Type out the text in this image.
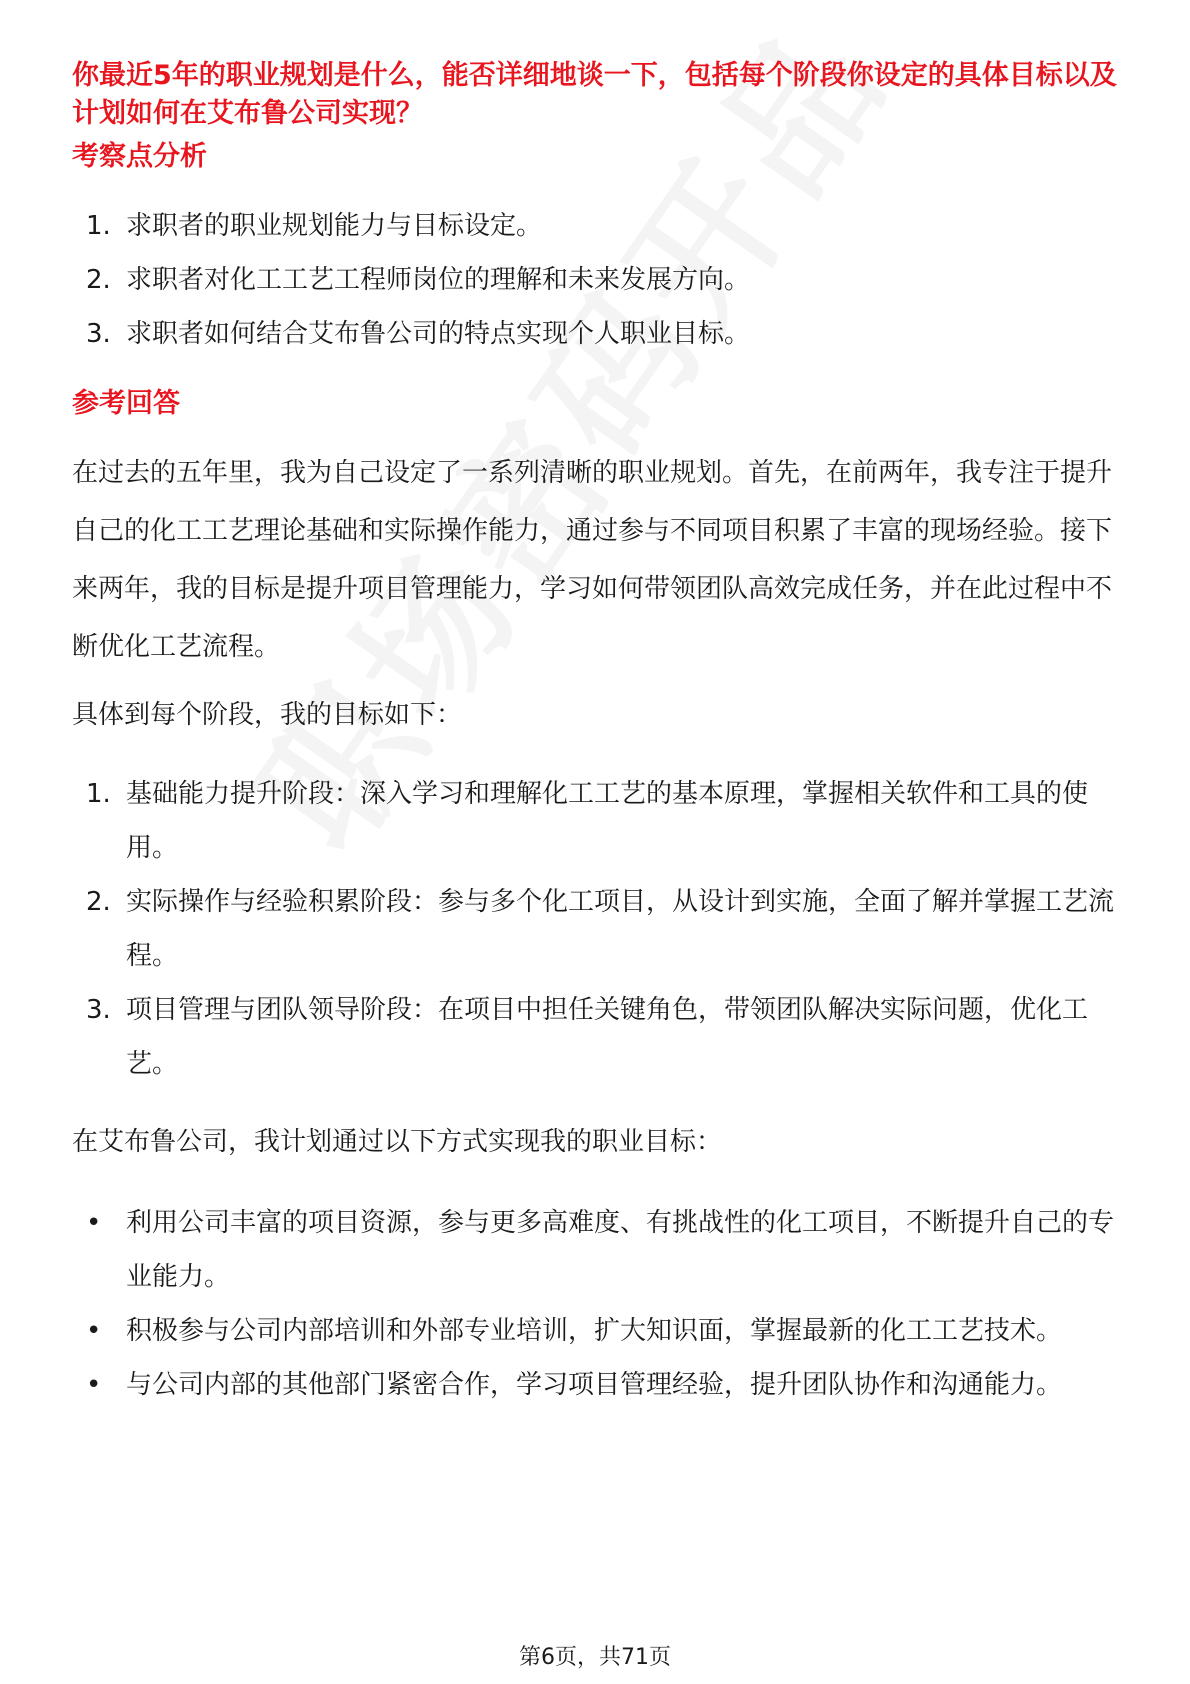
你最近5年的职业规划是什么，能否详细地谈一下，包括每个阶段你设定的具体目标以及计划如何在艾布鲁公司实现？
考察点分析
1. 求职者的职业规划能力与目标设定。
2. 求职者对化工工艺工程师岗位的理解和未来发展方向。
3. 求职者如何结合艾布鲁公司的特点实现个人职业目标。
参考回答
在过去的五年里，我为自己设定了一系列清晰的职业规划。首先，在前两年，我专注于提升自己的化工工艺理论基础和实际操作能力，通过参与不同项目积累了丰富的现场经验。接下来两年，我的目标是提升项目管理能力，学习如何带领团队高效完成任务，并在此过程中不断优化工艺流程。
具体到每个阶段，我的目标如下：
1. 基础能力提升阶段：深入学习和理解化工工艺的基本原理，掌握相关软件和工具的使用。
2. 实际操作与经验积累阶段：参与多个化工项目，从设计到实施，全面了解并掌握工艺流程。
3. 项目管理与团队领导阶段：在项目中担任关键角色，带领团队解决实际问题，优化工艺。
在艾布鲁公司，我计划通过以下方式实现我的职业目标：
• 利用公司丰富的项目资源，参与更多高难度、有挑战性的化工项目，不断提升自己的专业能力。
• 积极参与公司内部培训和外部专业培训，扩大知识面，掌握最新的化工工艺技术。
• 与公司内部的其他部门紧密合作，学习项目管理经验，提升团队协作和沟通能力。
第6页，共71页
